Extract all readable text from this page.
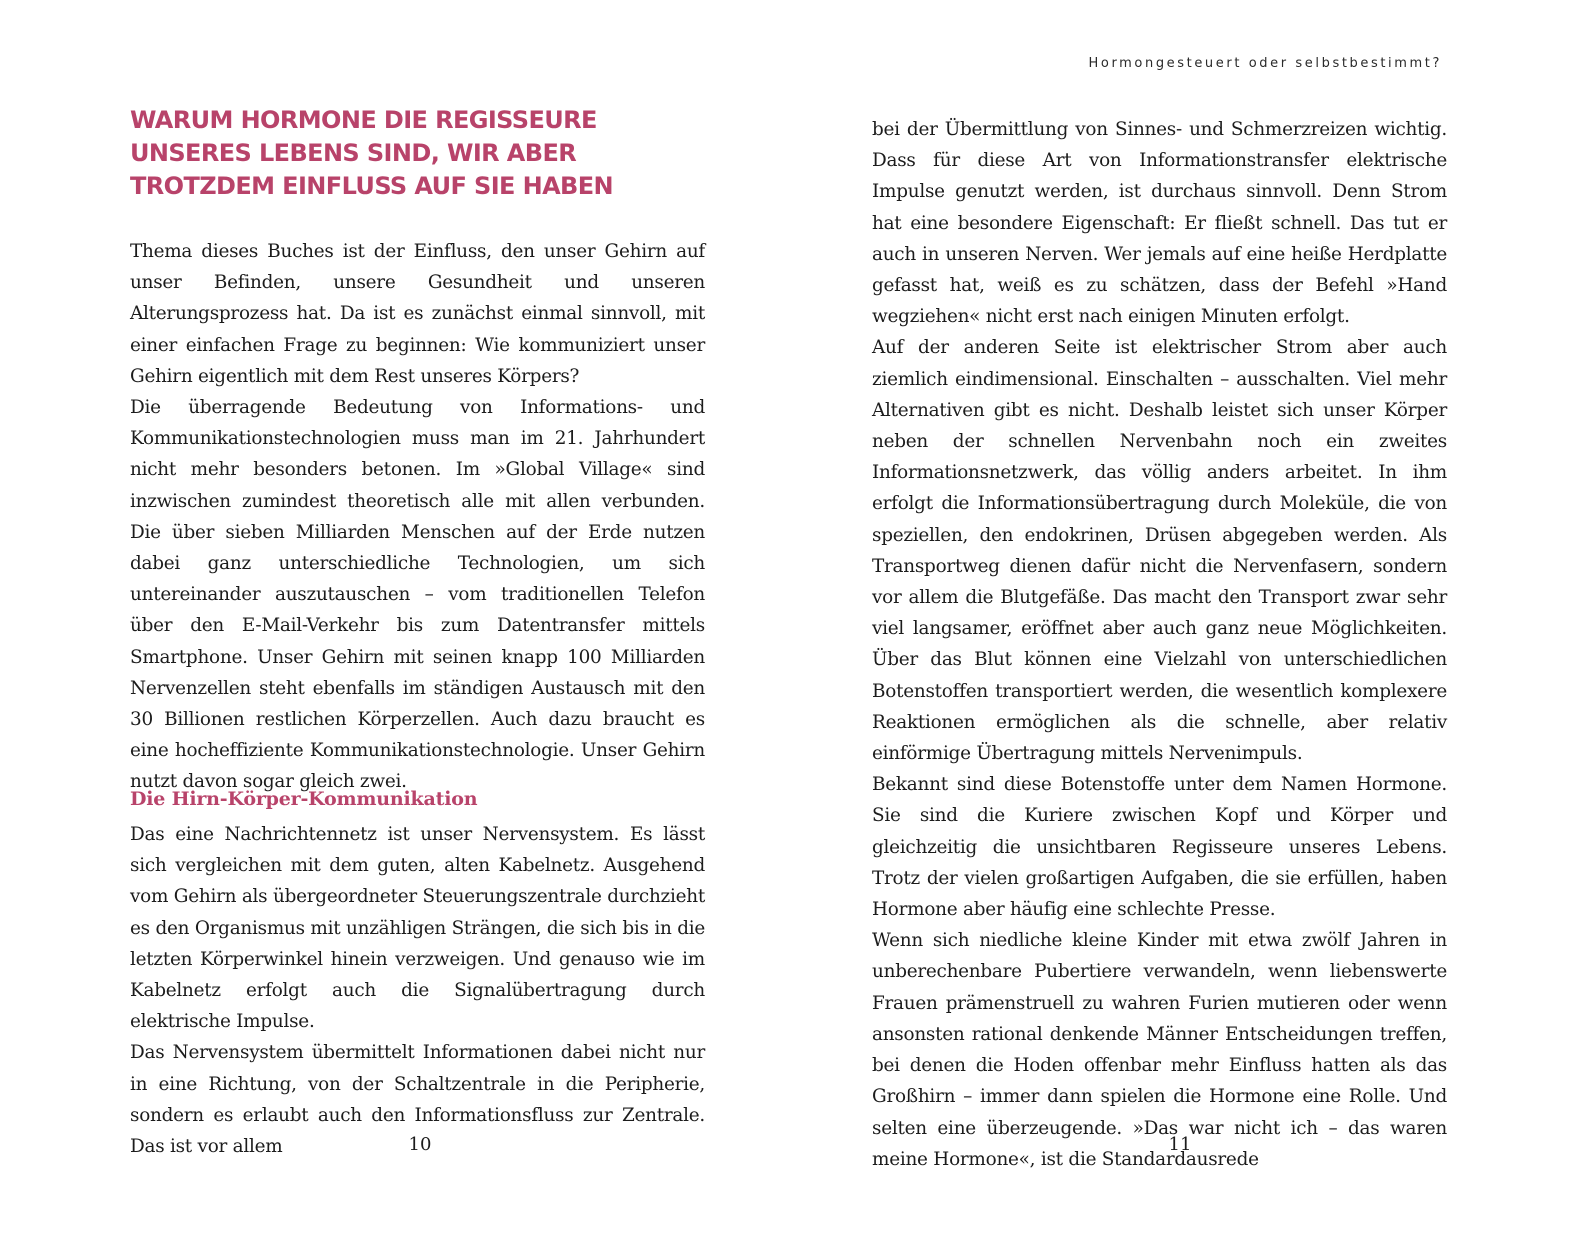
WARUM HORMONE DIE REGISSEURE UNSERES LEBENS SIND, WIR ABER TROTZDEM EINFLUSS AUF SIE HABEN

Thema dieses Buches ist der Einfluss, den unser Gehirn auf unser Befinden, unsere Gesundheit und unseren Alterungsprozess hat. Da ist es zunächst einmal sinnvoll, mit einer einfachen Frage zu beginnen: Wie kommuniziert unser Gehirn eigentlich mit dem Rest unseres Körpers?

Die überragende Bedeutung von Informations- und Kommunikationstechnologien muss man im 21. Jahrhundert nicht mehr besonders betonen. Im »Global Village« sind inzwischen zumindest theoretisch alle mit allen verbunden. Die über sieben Milliarden Menschen auf der Erde nutzen dabei ganz unterschiedliche Technologien, um sich untereinander auszutauschen – vom traditionellen Telefon über den E-Mail-Verkehr bis zum Datentransfer mittels Smartphone. Unser Gehirn mit seinen knapp 100 Milliarden Nervenzellen steht ebenfalls im ständigen Austausch mit den 30 Billionen restlichen Körperzellen. Auch dazu braucht es eine hocheffiziente Kommunikationstechnologie. Unser Gehirn nutzt davon sogar gleich zwei.

Die Hirn-Körper-Kommunikation

Das eine Nachrichtennetz ist unser Nervensystem. Es lässt sich vergleichen mit dem guten, alten Kabelnetz. Ausgehend vom Gehirn als übergeordneter Steuerungszentrale durchzieht es den Organismus mit unzähligen Strängen, die sich bis in die letzten Körperwinkel hinein verzweigen. Und genauso wie im Kabelnetz erfolgt auch die Signalübertragung durch elektrische Impulse.

Das Nervensystem übermittelt Informationen dabei nicht nur in eine Richtung, von der Schaltzentrale in die Peripherie, sondern es erlaubt auch den Informationsfluss zur Zentrale. Das ist vor allem	10
Hormongesteuert oder selbstbestimmt?

bei der Übermittlung von Sinnes- und Schmerzreizen wichtig. Dass für diese Art von Informationstransfer elektrische Impulse genutzt werden, ist durchaus sinnvoll. Denn Strom hat eine besondere Eigenschaft: Er fließt schnell. Das tut er auch in unseren Nerven. Wer jemals auf eine heiße Herdplatte gefasst hat, weiß es zu schätzen, dass der Befehl »Hand wegziehen« nicht erst nach einigen Minuten erfolgt.

Auf der anderen Seite ist elektrischer Strom aber auch ziemlich eindimensional. Einschalten – ausschalten. Viel mehr Alternativen gibt es nicht. Deshalb leistet sich unser Körper neben der schnellen Nervenbahn noch ein zweites Informationsnetzwerk, das völlig anders arbeitet. In ihm erfolgt die Informationsübertragung durch Moleküle, die von speziellen, den endokrinen, Drüsen abgegeben werden. Als Transportweg dienen dafür nicht die Nervenfasern, sondern vor allem die Blutgefäße. Das macht den Transport zwar sehr viel langsamer, eröffnet aber auch ganz neue Möglichkeiten. Über das Blut können eine Vielzahl von unterschiedlichen Botenstoffen transportiert werden, die wesentlich komplexere Reaktionen ermöglichen als die schnelle, aber relativ einförmige Übertragung mittels Nervenimpuls.

Bekannt sind diese Botenstoffe unter dem Namen Hormone. Sie sind die Kuriere zwischen Kopf und Körper und gleichzeitig die unsichtbaren Regisseure unseres Lebens. Trotz der vielen großartigen Aufgaben, die sie erfüllen, haben Hormone aber häufig eine schlechte Presse.

Wenn sich niedliche kleine Kinder mit etwa zwölf Jahren in unberechenbare Pubertiere verwandeln, wenn liebenswerte Frauen prämenstruell zu wahren Furien mutieren oder wenn ansonsten rational denkende Männer Entscheidungen treffen, bei denen die Hoden offenbar mehr Einfluss hatten als das Großhirn – immer dann spielen die Hormone eine Rolle. Und selten eine überzeugende. »Das war nicht ich – das waren meine Hormone«, ist die Standardausrede

11
